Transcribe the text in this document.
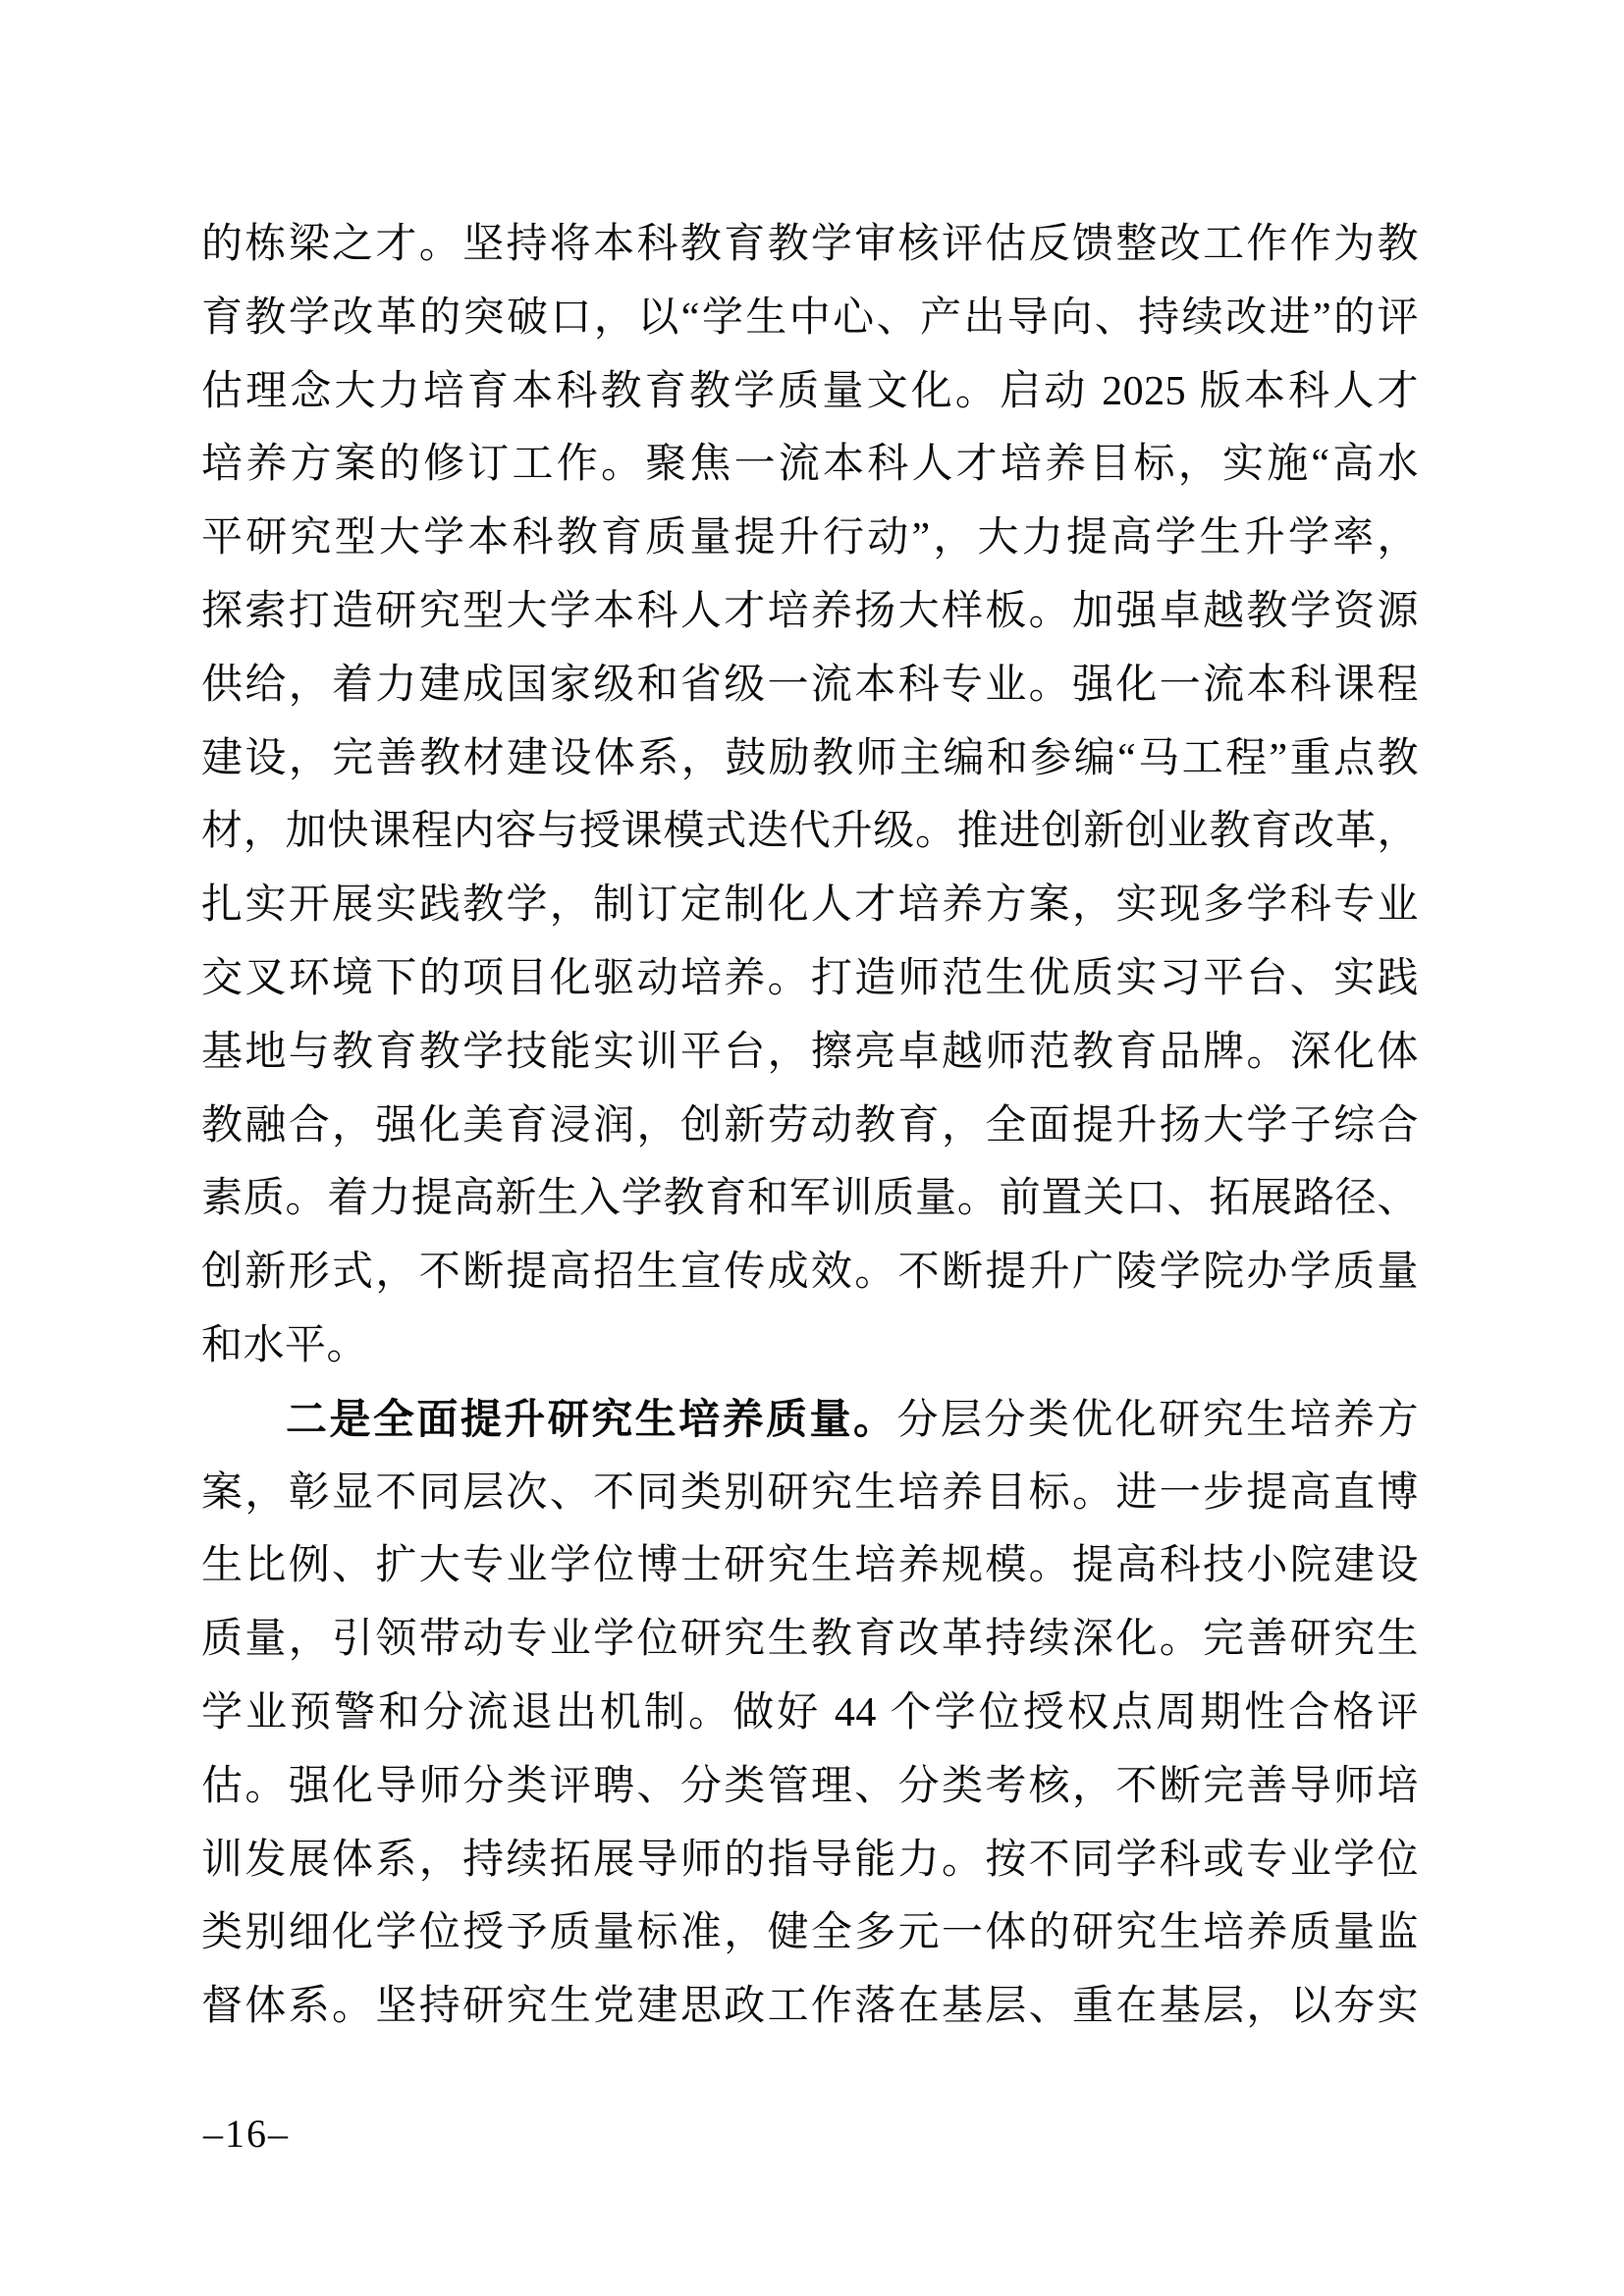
的栋梁之才。坚持将本科教育教学审核评估反馈整改工作作为教
育教学改革的突破口，以“学生中心、产出导向、持续改进”的评
估理念大力培育本科教育教学质量文化。启动 2025 版本科人才
培养方案的修订工作。聚焦一流本科人才培养目标，实施“高水
平研究型大学本科教育质量提升行动”，大力提高学生升学率，
探索打造研究型大学本科人才培养扬大样板。加强卓越教学资源
供给，着力建成国家级和省级一流本科专业。强化一流本科课程
建设，完善教材建设体系，鼓励教师主编和参编“马工程”重点教
材，加快课程内容与授课模式迭代升级。推进创新创业教育改革，
扎实开展实践教学，制订定制化人才培养方案，实现多学科专业
交叉环境下的项目化驱动培养。打造师范生优质实习平台、实践
基地与教育教学技能实训平台，擦亮卓越师范教育品牌。深化体
教融合，强化美育浸润，创新劳动教育，全面提升扬大学子综合
素质。着力提高新生入学教育和军训质量。前置关口、拓展路径、
创新形式，不断提高招生宣传成效。不断提升广陵学院办学质量
和水平。
二是全面提升研究生培养质量。分层分类优化研究生培养方
案，彰显不同层次、不同类别研究生培养目标。进一步提高直博
生比例、扩大专业学位博士研究生培养规模。提高科技小院建设
质量，引领带动专业学位研究生教育改革持续深化。完善研究生
学业预警和分流退出机制。做好 44 个学位授权点周期性合格评
估。强化导师分类评聘、分类管理、分类考核，不断完善导师培
训发展体系，持续拓展导师的指导能力。按不同学科或专业学位
类别细化学位授予质量标准，健全多元一体的研究生培养质量监
督体系。坚持研究生党建思政工作落在基层、重在基层，以夯实
–16–
